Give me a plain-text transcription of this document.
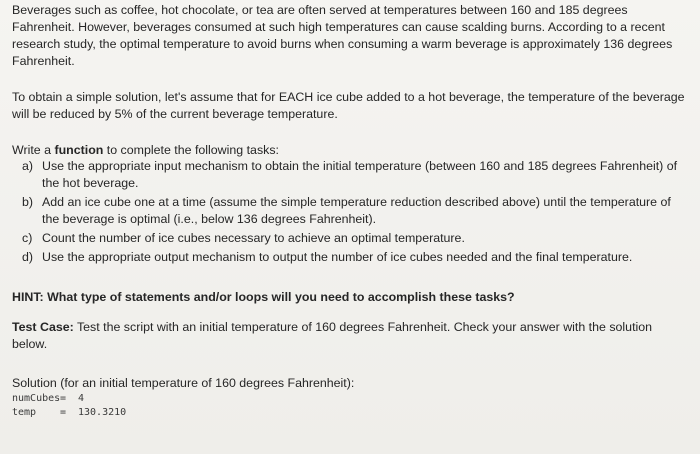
Beverages such as coffee, hot chocolate, or tea are often served at temperatures between 160 and 185 degrees Fahrenheit. However, beverages consumed at such high temperatures can cause scalding burns. According to a recent research study, the optimal temperature to avoid burns when consuming a warm beverage is approximately 136 degrees Fahrenheit.
To obtain a simple solution, let's assume that for EACH ice cube added to a hot beverage, the temperature of the beverage will be reduced by 5% of the current beverage temperature.
Write a function to complete the following tasks:
a) Use the appropriate input mechanism to obtain the initial temperature (between 160 and 185 degrees Fahrenheit) of the hot beverage.
b) Add an ice cube one at a time (assume the simple temperature reduction described above) until the temperature of the beverage is optimal (i.e., below 136 degrees Fahrenheit).
c) Count the number of ice cubes necessary to achieve an optimal temperature.
d) Use the appropriate output mechanism to output the number of ice cubes needed and the final temperature.
HINT: What type of statements and/or loops will you need to accomplish these tasks?
Test Case: Test the script with an initial temperature of 160 degrees Fahrenheit. Check your answer with the solution below.
Solution (for an initial temperature of 160 degrees Fahrenheit):
numCubes =	4
temp	=	130.3210
